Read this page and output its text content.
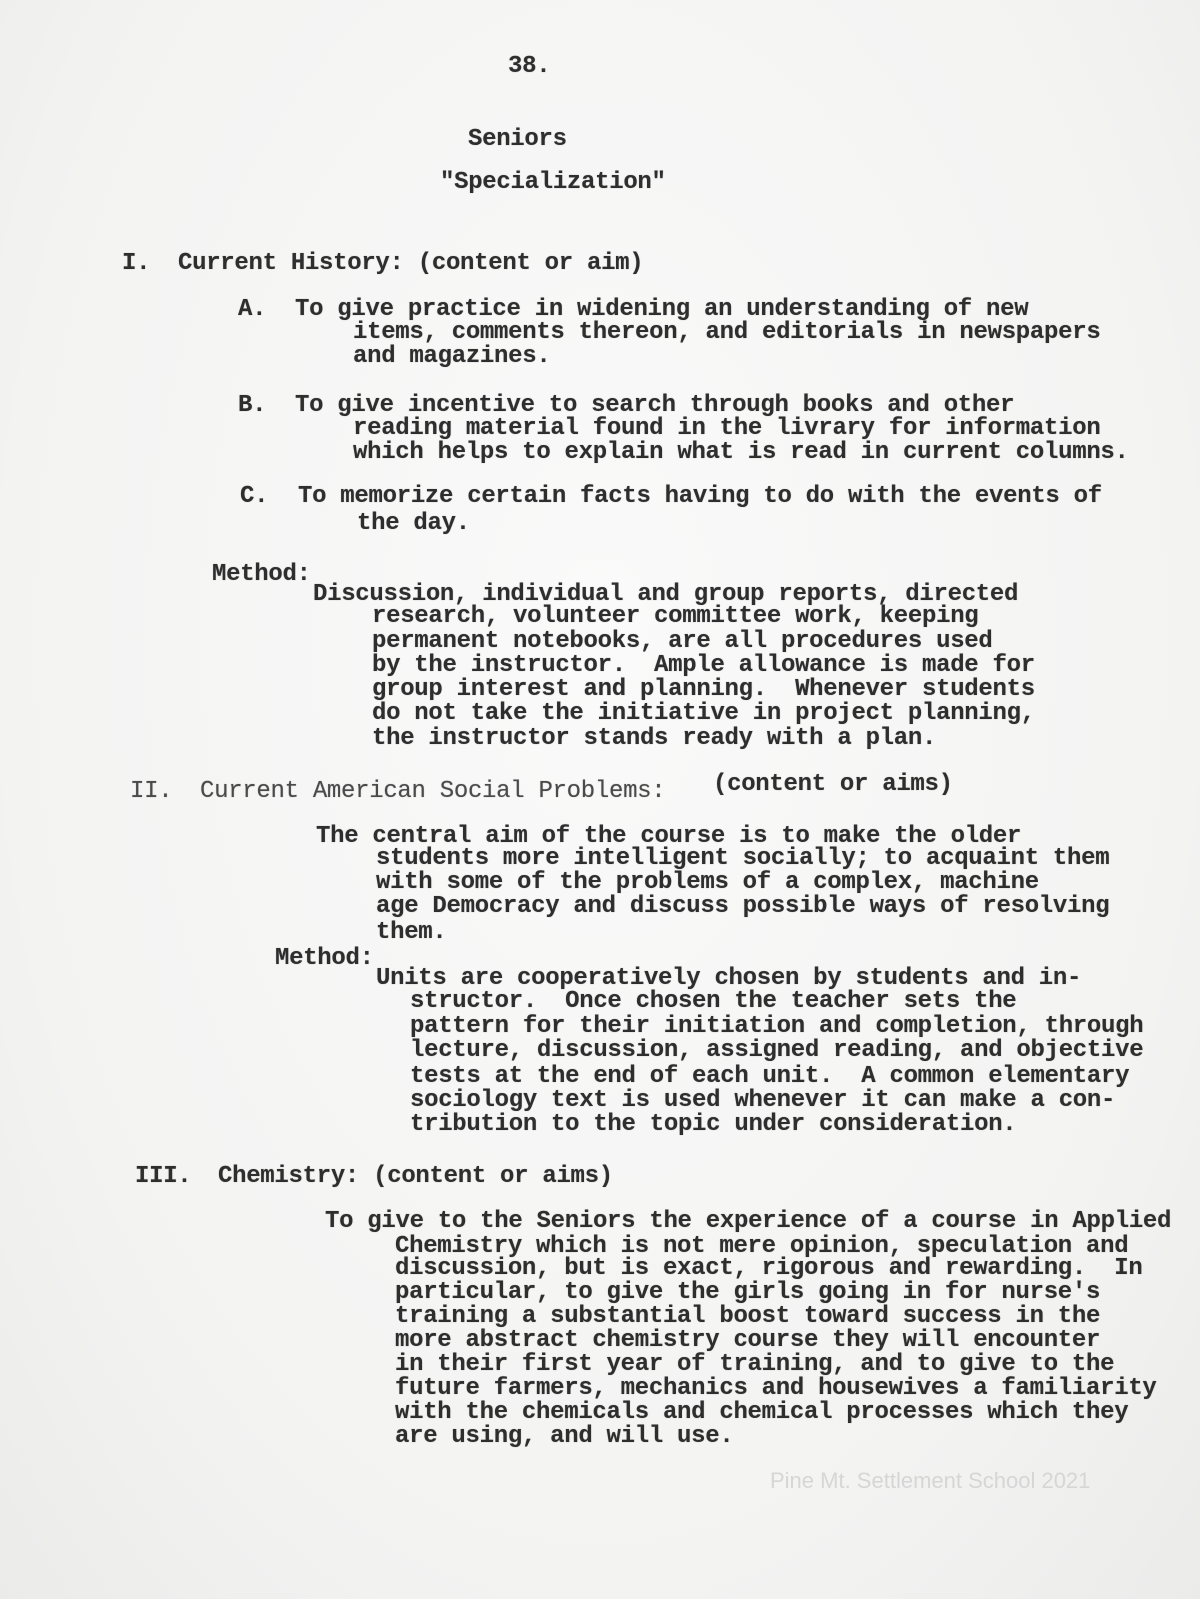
38.
Seniors
"Specialization"
I. Current History: (content or aim)
A. To give practice in widening an understanding of new
items, comments thereon, and editorials in newspapers
and magazines.
B. To give incentive to search through books and other
reading material found in the livrary for information
which helps to explain what is read in current columns.
C. To memorize certain facts having to do with the events of
the day.
Method:
Discussion, individual and group reports, directed
research, volunteer committee work, keeping
permanent notebooks, are all procedures used
by the instructor.  Ample allowance is made for
group interest and planning.  Whenever students
do not take the initiative in project planning,
the instructor stands ready with a plan.
II. Current American Social Problems: (content or aims)
The central aim of the course is to make the older
students more intelligent socially; to acquaint them
with some of the problems of a complex, machine
age Democracy and discuss possible ways of resolving
them.
Method:
Units are cooperatively chosen by students and in-
structor.  Once chosen the teacher sets the
pattern for their initiation and completion, through
lecture, discussion, assigned reading, and objective
tests at the end of each unit.  A common elementary
sociology text is used whenever it can make a con-
tribution to the topic under consideration.
III. Chemistry: (content or aims)
To give to the Seniors the experience of a course in Applied
Chemistry which is not mere opinion, speculation and
discussion, but is exact, rigorous and rewarding.  In
particular, to give the girls going in for nurse's
training a substantial boost toward success in the
more abstract chemistry course they will encounter
in their first year of training, and to give to the
future farmers, mechanics and housewives a familiarity
with the chemicals and chemical processes which they
are using, and will use.
Pine Mt. Settlement School 2021
